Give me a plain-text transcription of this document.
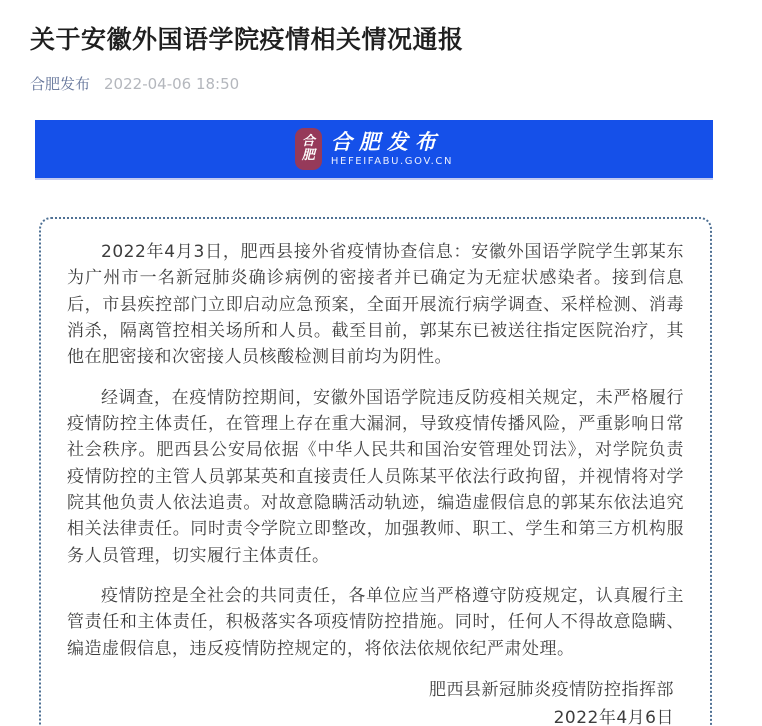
关于安徽外国语学院疫情相关情况通报
合肥发布 2022-04-06 18:50
合
肥
合肥发布
HEFEIFABU.GOV.CN

2022年4月3日，肥西县接外省疫情协查信息：安徽外国语学院学生郭某东为广州市一名新冠肺炎确诊病例的密接者并已确定为无症状感染者。接到信息后，市县疾控部门立即启动应急预案，全面开展流行病学调查、采样检测、消毒消杀，隔离管控相关场所和人员。截至目前，郭某东已被送往指定医院治疗，其他在肥密接和次密接人员核酸检测目前均为阴性。

经调查，在疫情防控期间，安徽外国语学院违反防疫相关规定，未严格履行疫情防控主体责任，在管理上存在重大漏洞，导致疫情传播风险，严重影响日常社会秩序。肥西县公安局依据《中华人民共和国治安管理处罚法》，对学院负责疫情防控的主管人员郭某英和直接责任人员陈某平依法行政拘留，并视情将对学院其他负责人依法追责。对故意隐瞒活动轨迹，编造虚假信息的郭某东依法追究相关法律责任。同时责令学院立即整改，加强教师、职工、学生和第三方机构服务人员管理，切实履行主体责任。

疫情防控是全社会的共同责任，各单位应当严格遵守防疫规定，认真履行主管责任和主体责任，积极落实各项疫情防控措施。同时，任何人不得故意隐瞒、编造虚假信息，违反疫情防控规定的，将依法依规依纪严肃处理。

肥西县新冠肺炎疫情防控指挥部
2022年4月6日
